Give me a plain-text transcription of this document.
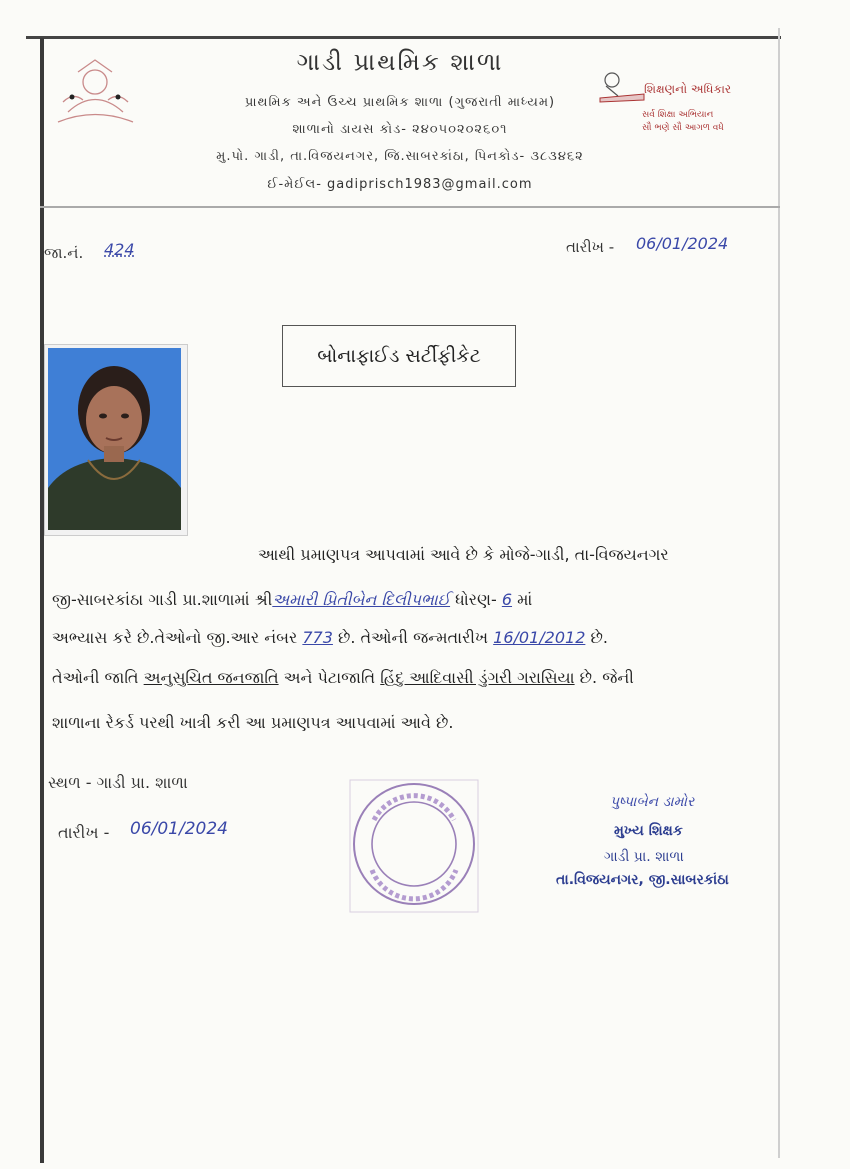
ગાડી પ્રાથમિક શાળા
પ્રાથમિક અને ઉચ્ચ પ્રાથમિક શાળા (ગુજરાતી માધ્યમ)
શાળાનો ડાયસ કોડ- ૨૪૦૫૦૨૦૨૬૦૧
મુ.પો. ગાડી, તા.વિજયનગર, જિ.સાબરકાંઠા, પિનકોડ- ૩૮૩૪૬૨
ઈ-મેઈલ- gadiprisch1983@gmail.com
શિક્ષણનો અધિકાર
સર્વ શિક્ષા અભિયાન
સૌ ભણે સૌ આગળ વધે
જા.નં. 424	તારીખ - 06/01/2024
બોનાફાઈડ સર્ટીફીકેટ
આથી પ્રમાણપત્ર આપવામાં આવે છે કે મોજે-ગાડી, તા-વિજયનગર
જી-સાબરકાંઠા ગાડી પ્રા.શાળામાં શ્રીઅમારી પ્રિતીબેન દિલીપભાઈ ધોરણ- 6 માં
અભ્યાસ કરે છે.તેઓનો જી.આર નંબર 773 છે. તેઓની જન્મતારીખ 16/01/2012 છે.
તેઓની જાતિ અનુસુચિત જનજાતિ અને પેટાજાતિ હિંદુ આદિવાસી ડુંગરી ગરાસિયા છે. જેની
શાળાના રેકર્ડ પરથી ખાત્રી કરી આ પ્રમાણપત્ર આપવામાં આવે છે.
સ્થળ - ગાડી પ્રા. શાળા
તારીખ - 06/01/2024
પુષ્પાબેન ડામોર
મુખ્ય શિક્ષક
ગાડી પ્રા. શાળા
તા.વિજયનગર, જી.સાબરકાંઠા
